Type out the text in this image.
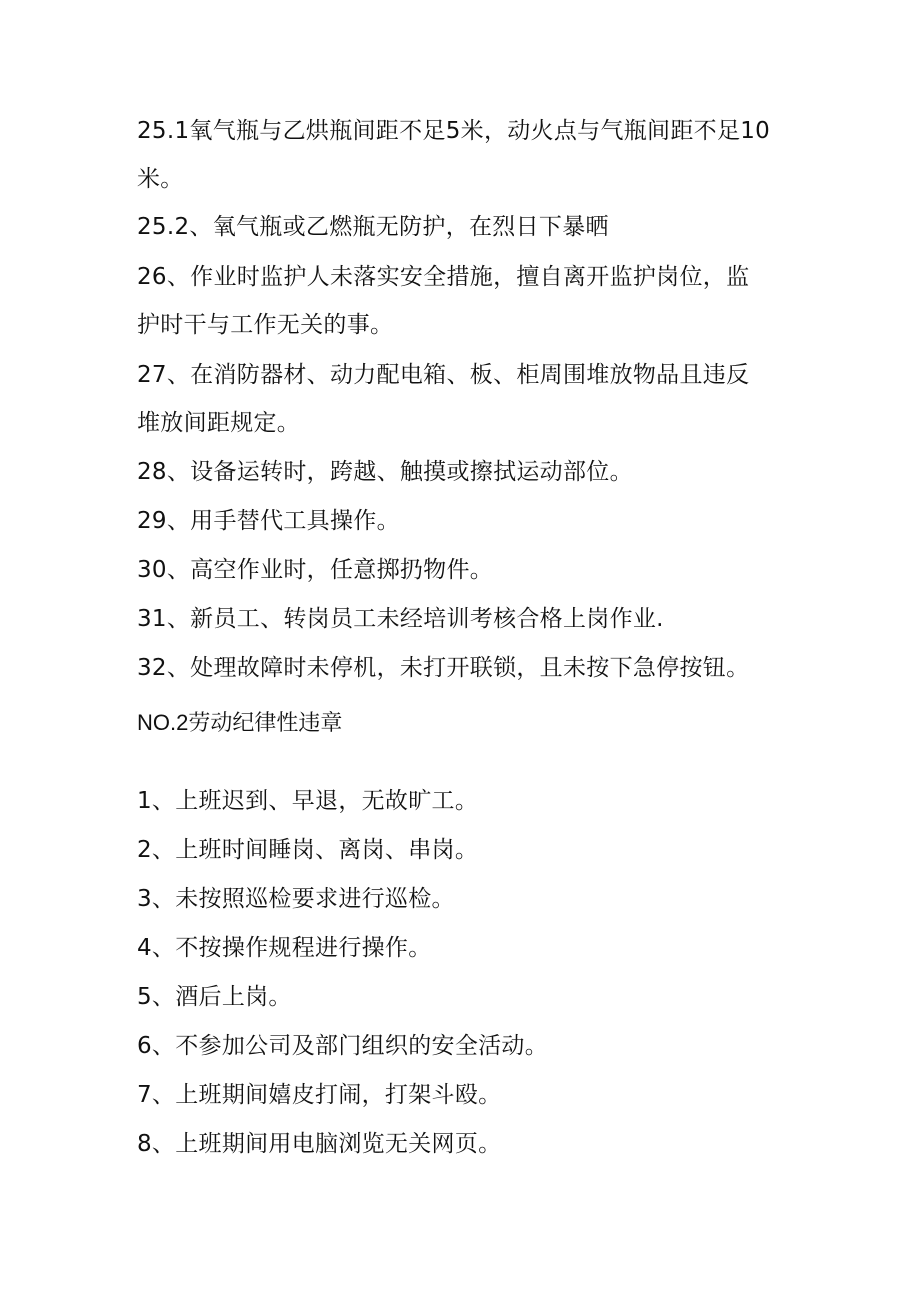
25.1氧气瓶与乙烘瓶间距不足5米，动火点与气瓶间距不足10
米。
25.2、氧气瓶或乙燃瓶无防护，在烈日下暴晒
26、作业时监护人未落实安全措施，擅自离开监护岗位，监
护时干与工作无关的事。
27、在消防器材、动力配电箱、板、柜周围堆放物品且违反
堆放间距规定。
28、设备运转时，跨越、触摸或擦拭运动部位。
29、用手替代工具操作。
30、高空作业时，任意掷扔物件。
31、新员工、转岗员工未经培训考核合格上岗作业.
32、处理故障时未停机，未打开联锁，且未按下急停按钮。
NO.2劳动纪律性违章
1、上班迟到、早退，无故旷工。
2、上班时间睡岗、离岗、串岗。
3、未按照巡检要求进行巡检。
4、不按操作规程进行操作。
5、酒后上岗。
6、不参加公司及部门组织的安全活动。
7、上班期间嬉皮打闹，打架斗殴。
8、上班期间用电脑浏览无关网页。
